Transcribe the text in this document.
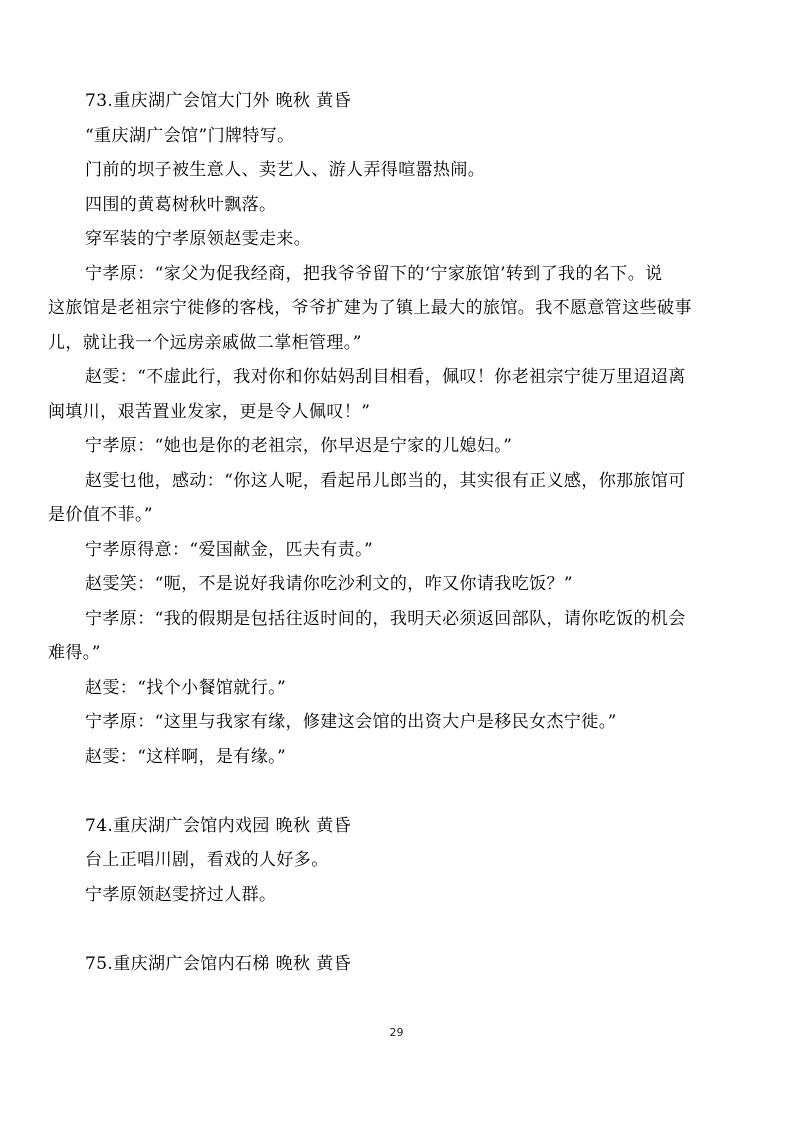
73.重庆湖广会馆大门外 晚秋 黄昏
“重庆湖广会馆”门牌特写。
门前的坝子被生意人、卖艺人、游人弄得喧嚣热闹。
四围的黄葛树秋叶飘落。
穿军装的宁孝原领赵雯走来。
宁孝原：“家父为促我经商，把我爷爷留下的‘宁家旅馆’转到了我的名下。说
这旅馆是老祖宗宁徙修的客栈，爷爷扩建为了镇上最大的旅馆。我不愿意管这些破事
儿，就让我一个远房亲戚做二掌柜管理。”
赵雯：“不虚此行，我对你和你姑妈刮目相看，佩叹！你老祖宗宁徙万里迢迢离
闽填川，艰苦置业发家，更是令人佩叹！”
宁孝原：“她也是你的老祖宗，你早迟是宁家的儿媳妇。”
赵雯乜他，感动：“你这人呢，看起吊儿郎当的，其实很有正义感，你那旅馆可
是价值不菲。”
宁孝原得意：“爱国献金，匹夫有责。”
赵雯笑：“呃，不是说好我请你吃沙利文的，咋又你请我吃饭？”
宁孝原：“我的假期是包括往返时间的，我明天必须返回部队，请你吃饭的机会
难得。”
赵雯：“找个小餐馆就行。”
宁孝原：“这里与我家有缘，修建这会馆的出资大户是移民女杰宁徙。”
赵雯：“这样啊，是有缘。”
74.重庆湖广会馆内戏园 晚秋 黄昏
台上正唱川剧，看戏的人好多。
宁孝原领赵雯挤过人群。
75.重庆湖广会馆内石梯 晚秋 黄昏
29
